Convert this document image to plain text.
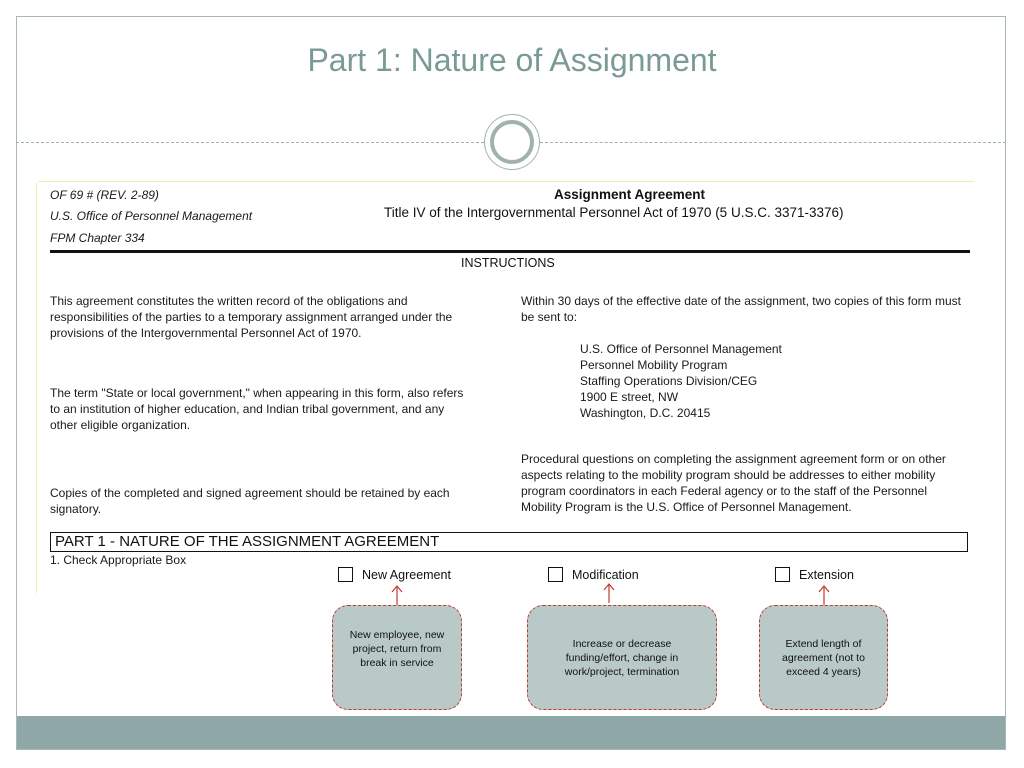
Part 1: Nature of Assignment
OF 69 # (REV. 2-89)
U.S. Office of Personnel Management
FPM Chapter 334
Assignment Agreement
Title IV of the Intergovernmental Personnel Act of 1970 (5 U.S.C. 3371-3376)
INSTRUCTIONS
This agreement constitutes the written record of the obligations and responsibilities of the parties to a temporary assignment arranged under the provisions of the Intergovernmental Personnel Act of 1970.
The term "State or local government," when appearing in this form, also refers to an institution of higher education, and Indian tribal government, and any other eligible organization.
Copies of the completed and signed agreement should be retained by each signatory.
Within 30 days of the effective date of the assignment, two copies of this form must be sent to:
U.S. Office of Personnel Management
Personnel Mobility Program
Staffing Operations Division/CEG
1900 E street, NW
Washington, D.C. 20415
Procedural questions on completing the assignment agreement form or on other aspects relating to the mobility program should be addresses to either mobility program coordinators in each Federal agency or to the staff of the Personnel Mobility Program is the U.S. Office of Personnel Management.
PART 1 - NATURE OF THE ASSIGNMENT AGREEMENT
1. Check Appropriate Box
New Agreement	Modification	Extension
New employee, new project, return from break in service
Increase or decrease funding/effort, change in work/project, termination
Extend length of agreement (not to exceed 4 years)
